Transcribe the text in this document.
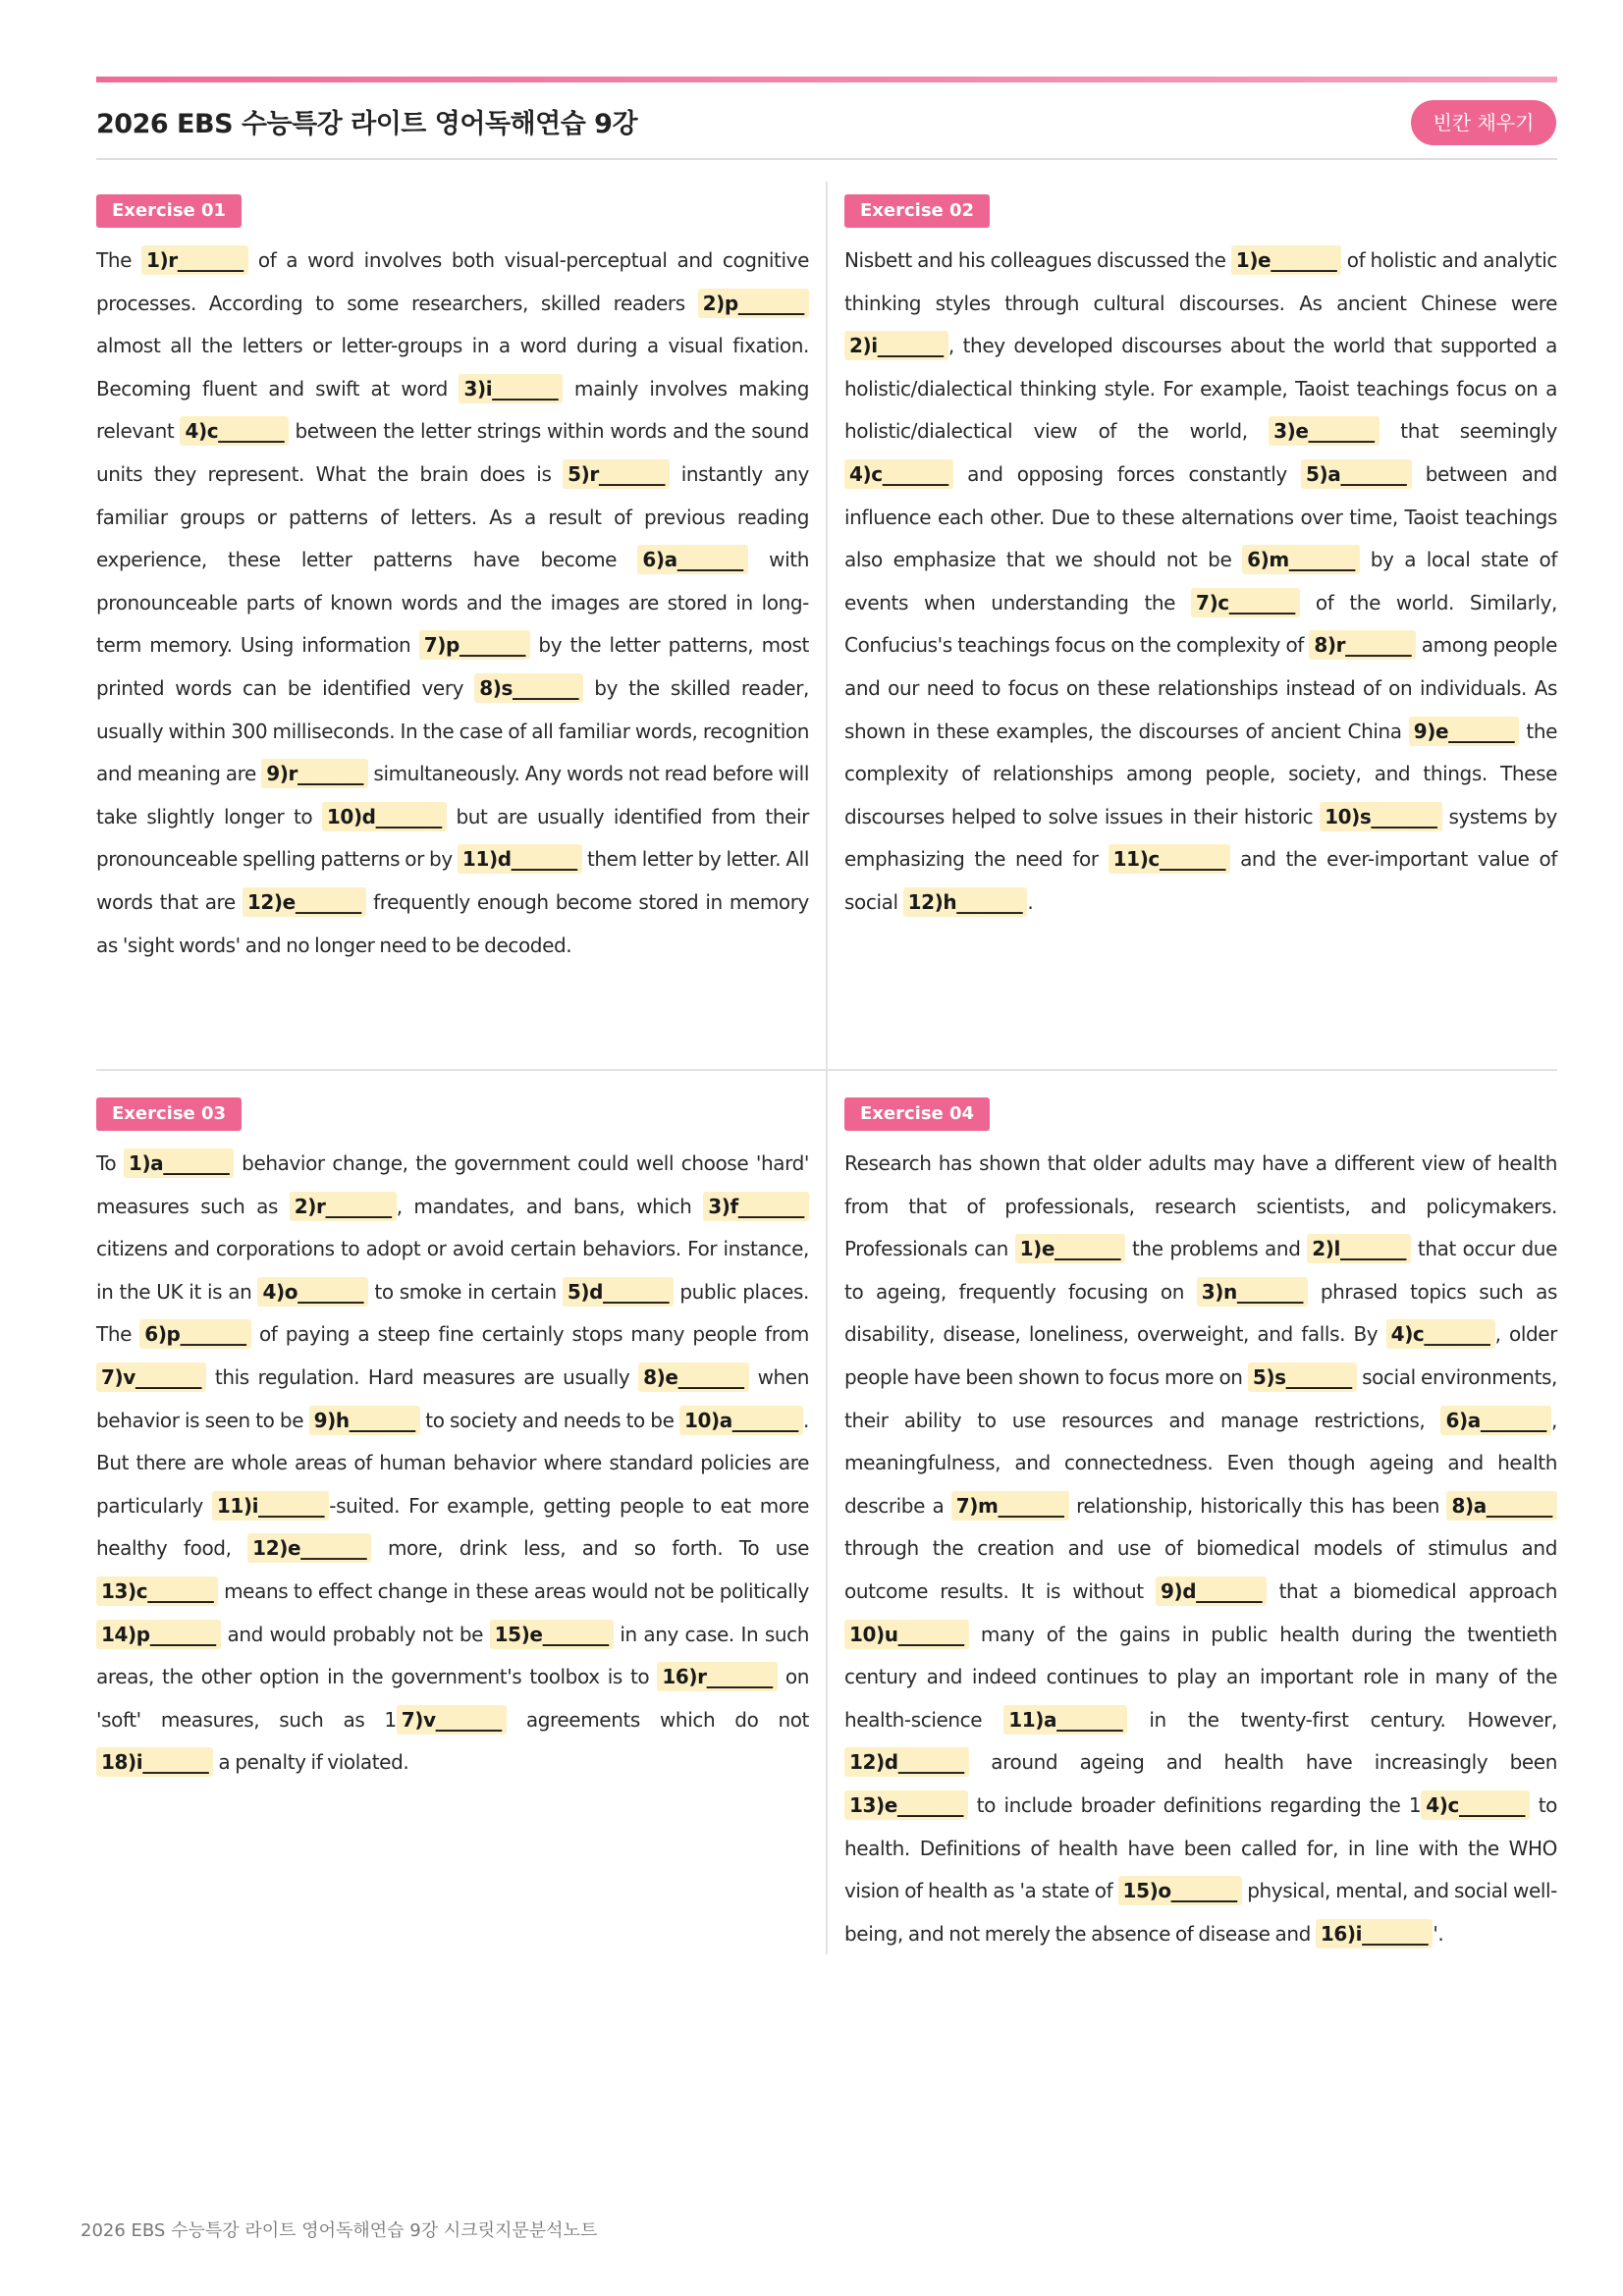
2026 EBS 수능특강 라이트 영어독해연습 9강	빈칸 채우기
Exercise 01
The 1)r_______ of a word involves both visual-perceptual and cognitive processes. According to some researchers, skilled readers 2)p_______ almost all the letters or letter-groups in a word during a visual fixation. Becoming fluent and swift at word 3)i_______ mainly involves making relevant 4)c_______ between the letter strings within words and the sound units they represent. What the brain does is 5)r_______ instantly any familiar groups or patterns of letters. As a result of previous reading experience, these letter patterns have become 6)a_______ with pronounceable parts of known words and the images are stored in long-term memory. Using information 7)p_______ by the letter patterns, most printed words can be identified very 8)s_______ by the skilled reader, usually within 300 milliseconds. In the case of all familiar words, recognition and meaning are 9)r_______ simultaneously. Any words not read before will take slightly longer to 10)d_______ but are usually identified from their pronounceable spelling patterns or by 11)d_______ them letter by letter. All words that are 12)e_______ frequently enough become stored in memory as 'sight words' and no longer need to be decoded.
Exercise 02
Nisbett and his colleagues discussed the 1)e_______ of holistic and analytic thinking styles through cultural discourses. As ancient Chinese were 2)i_______ , they developed discourses about the world that supported a holistic/dialectical thinking style. For example, Taoist teachings focus on a holistic/dialectical view of the world, 3)e_______ that seemingly 4)c_______ and opposing forces constantly 5)a_______ between and influence each other. Due to these alternations over time, Taoist teachings also emphasize that we should not be 6)m_______ by a local state of events when understanding the 7)c_______ of the world. Similarly, Confucius's teachings focus on the complexity of 8)r_______ among people and our need to focus on these relationships instead of on individuals. As shown in these examples, the discourses of ancient China 9)e_______ the complexity of relationships among people, society, and things. These discourses helped to solve issues in their historic 10)s_______ systems by emphasizing the need for 11)c_______ and the ever-important value of social 12)h_______ .
Exercise 03
To 1)a_______ behavior change, the government could well choose 'hard' measures such as 2)r_______ , mandates, and bans, which 3)f_______ citizens and corporations to adopt or avoid certain behaviors. For instance, in the UK it is an 4)o_______ to smoke in certain 5)d_______ public places. The 6)p_______ of paying a steep fine certainly stops many people from 7)v_______ this regulation. Hard measures are usually 8)e_______ when behavior is seen to be 9)h_______ to society and needs to be 10)a_______ . But there are whole areas of human behavior where standard policies are particularly 11)i_______ -suited. For example, getting people to eat more healthy food, 12)e_______ more, drink less, and so forth. To use 13)c_______ means to effect change in these areas would not be politically 14)p_______ and would probably not be 15)e_______ in any case. In such areas, the other option in the government's toolbox is to 16)r_______ on 'soft' measures, such as 1 7)v_______ agreements which do not 18)i_______ a penalty if violated.
Exercise 04
Research has shown that older adults may have a different view of health from that of professionals, research scientists, and policymakers. Professionals can 1)e_______ the problems and 2)l_______ that occur due to ageing, frequently focusing on 3)n_______ phrased topics such as disability, disease, loneliness, overweight, and falls. By 4)c_______ , older people have been shown to focus more on 5)s_______ social environments, their ability to use resources and manage restrictions, 6)a_______ , meaningfulness, and connectedness. Even though ageing and health describe a 7)m_______ relationship, historically this has been 8)a_______ through the creation and use of biomedical models of stimulus and outcome results. It is without 9)d_______ that a biomedical approach 10)u_______ many of the gains in public health during the twentieth century and indeed continues to play an important role in many of the health-science 11)a_______ in the twenty-first century. However, 12)d_______ around ageing and health have increasingly been 13)e_______ to include broader definitions regarding the 1 4)c_______ to health. Definitions of health have been called for, in line with the WHO vision of health as 'a state of 15)o_______ physical, mental, and social well-being, and not merely the absence of disease and 16)i_______ '.
2026 EBS 수능특강 라이트 영어독해연습 9강 시크릿지문분석노트
